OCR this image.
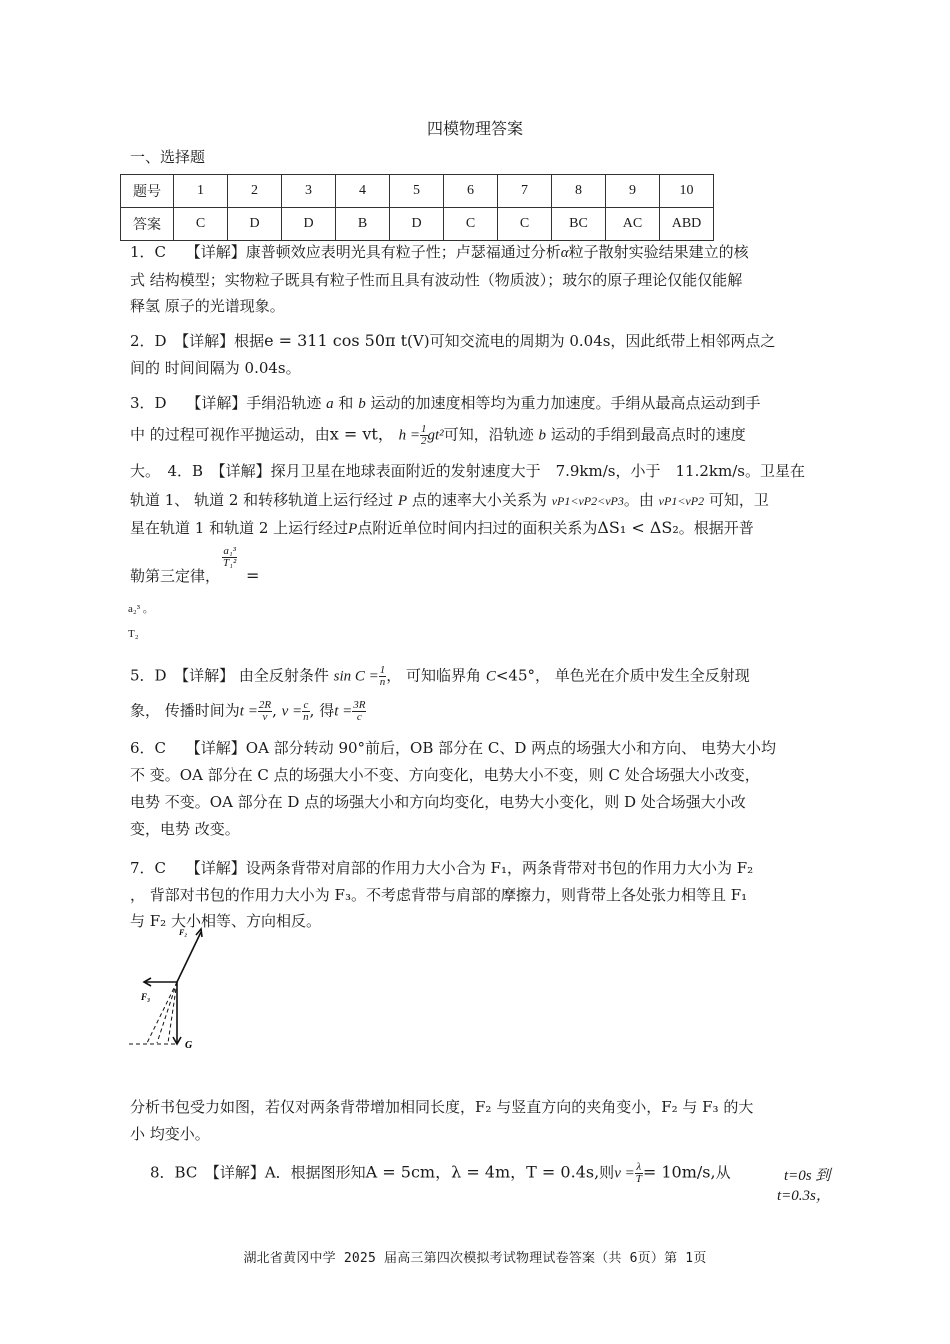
四模物理答案
一、选择题
题号	1	2	3	4	5	6	7	8	9	10
答案	C	D	D	B	D	C	C	BC	AC	ABD
1．C　 【详解】康普顿效应表明光具有粒子性；卢瑟福通过分析α粒子散射实验结果建立的核
式 结构模型；实物粒子既具有粒子性而且具有波动性（物质波）；玻尔的原子理论仅能仅能解
释氢 原子的光谱现象。
2．D　【详解】根据e = 311 cos 50π t(V)可知交流电的周期为 0.04s，因此纸带上相邻两点之
间的 时间间隔为 0.04s。
3．D　 【详解】手绢沿轨迹 a 和 b 运动的加速度相等均为重力加速度。手绢从最高点运动到手
中 的过程可视作平抛运动，由x = vt， $h = \frac{1}{2} gt^2$可知，沿轨迹 b 运动的手绢到最高点时的速度
大。　4．B　【详解】探月卫星在地球表面附近的发射速度大于　7.9km/s，小于　11.2km/s。卫星在
轨道 1、 轨道 2 和转移轨道上运行经过 P 点的速率大小关系为 vP1<vP2<vP3。由 vP1<vP2 可知，卫
星在轨道 1 和轨道 2 上运行经过P点附近单位时间内扫过的面积关系为ΔS₁ < ΔS₂。根据开普
勒第三定律，
$\frac{\text{a₁³}}{\text{T₁²}}$
=
a₂³ 。
T₂
5．D　【详解】 由全反射条件 $\sin C = \frac{1}{n}$ ， 可知临界角 C<45°， 单色光在介质中发生全反射现
象， 传播时间为$t = \frac{2R}{v}$ , $v = \frac{c}{n}$ , 得$t = \frac{3R}{c}$
6．C　 【详解】OA 部分转动 90°前后，OB 部分在 C、D 两点的场强大小和方向、 电势大小均
不 变。OA 部分在 C 点的场强大小不变、方向变化，电势大小不变，则 C 处合场强大小改变，
电势 不变。OA 部分在 D 点的场强大小和方向均变化，电势大小变化，则 D 处合场强大小改
变，电势 改变。
7．C　 【详解】设两条背带对肩部的作用力大小合为 F₁，两条背带对书包的作用力大小为 F₂
， 背部对书包的作用力大小为 F₃。不考虑背带与肩部的摩擦力，则背带上各处张力相等且 F₁
与 F₂ 大小相等、方向相反。
F₂
F₃
G
分析书包受力如图，若仅对两条背带增加相同长度，F₂ 与竖直方向的夹角变小，F₂ 与 F₃ 的大
小 均变小。
8．BC　【详解】A．根据图形知A = 5cm，λ = 4m，T = 0.4s,则$v = \frac{\lambda}{T} = 10m/s$,从	t=0s 到
t=0.3s，
湖北省黄冈中学 2025 届高三第四次模拟考试物理试卷答案（共 6页）第 1页
